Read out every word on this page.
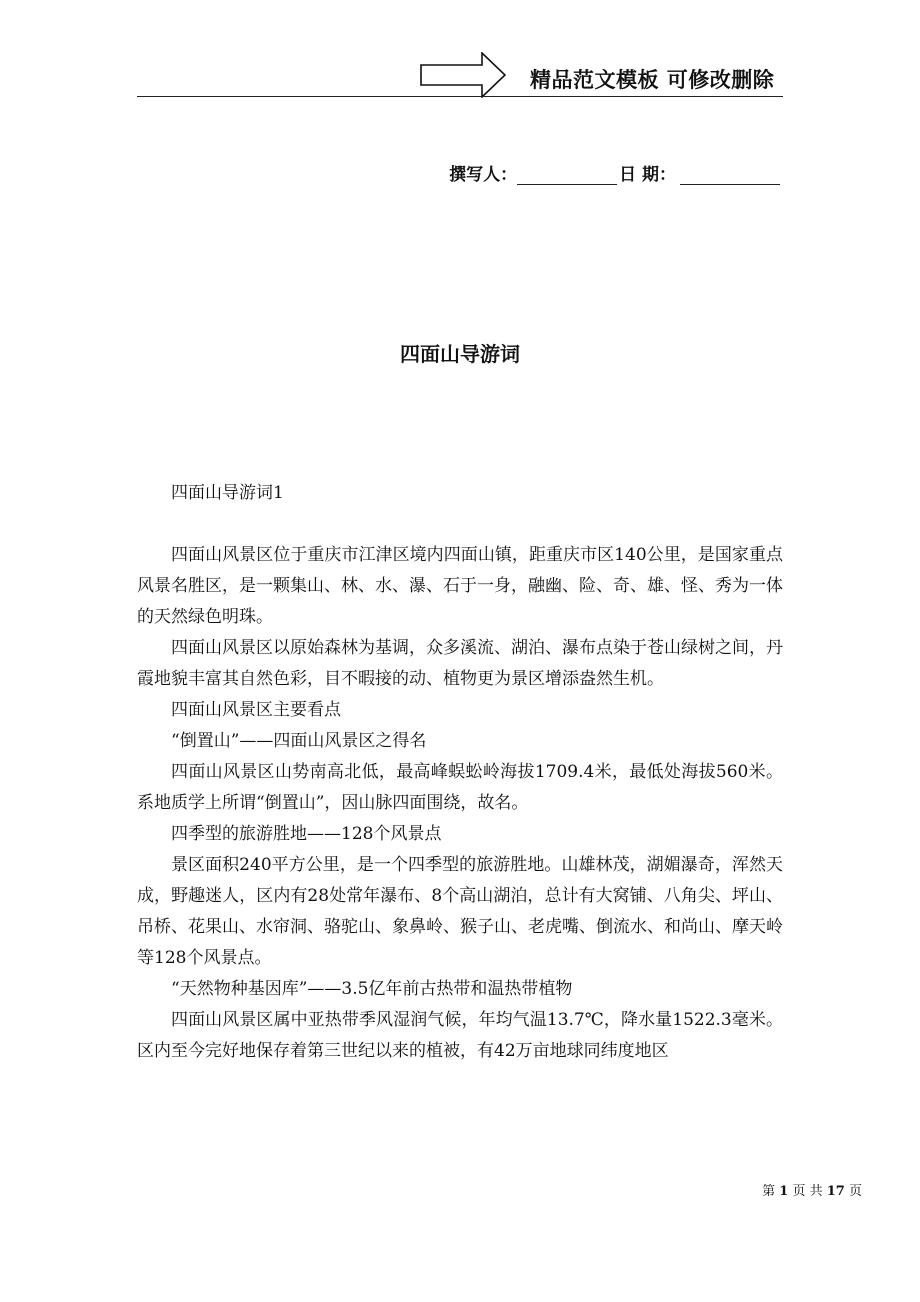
精品范文模板 可修改删除
撰写人：	日 期：
四面山导游词

四面山导游词1

四面山风景区位于重庆市江津区境内四面山镇，距重庆市区140公里，是国家重点风景名胜区，是一颗集山、林、水、瀑、石于一身，融幽、险、奇、雄、怪、秀为一体的天然绿色明珠。

四面山风景区以原始森林为基调，众多溪流、湖泊、瀑布点染于苍山绿树之间，丹霞地貌丰富其自然色彩，目不暇接的动、植物更为景区增添盎然生机。

四面山风景区主要看点

“倒置山”——四面山风景区之得名

四面山风景区山势南高北低，最高峰蜈蚣岭海拔1709.4米，最低处海拔560米。系地质学上所谓“倒置山”，因山脉四面围绕，故名。

四季型的旅游胜地——128个风景点

景区面积240平方公里，是一个四季型的旅游胜地。山雄林茂，湖媚瀑奇，浑然天成，野趣迷人，区内有28处常年瀑布、8个高山湖泊，总计有大窝铺、八角尖、坪山、吊桥、花果山、水帘洞、骆驼山、象鼻岭、猴子山、老虎嘴、倒流水、和尚山、摩天岭等128个风景点。

“天然物种基因库”——3.5亿年前古热带和温热带植物

四面山风景区属中亚热带季风湿润气候，年均气温13.7℃，降水量1522.3毫米。区内至今完好地保存着第三世纪以来的植被，有42万亩地球同纬度地区

第 1 页 共 17 页
